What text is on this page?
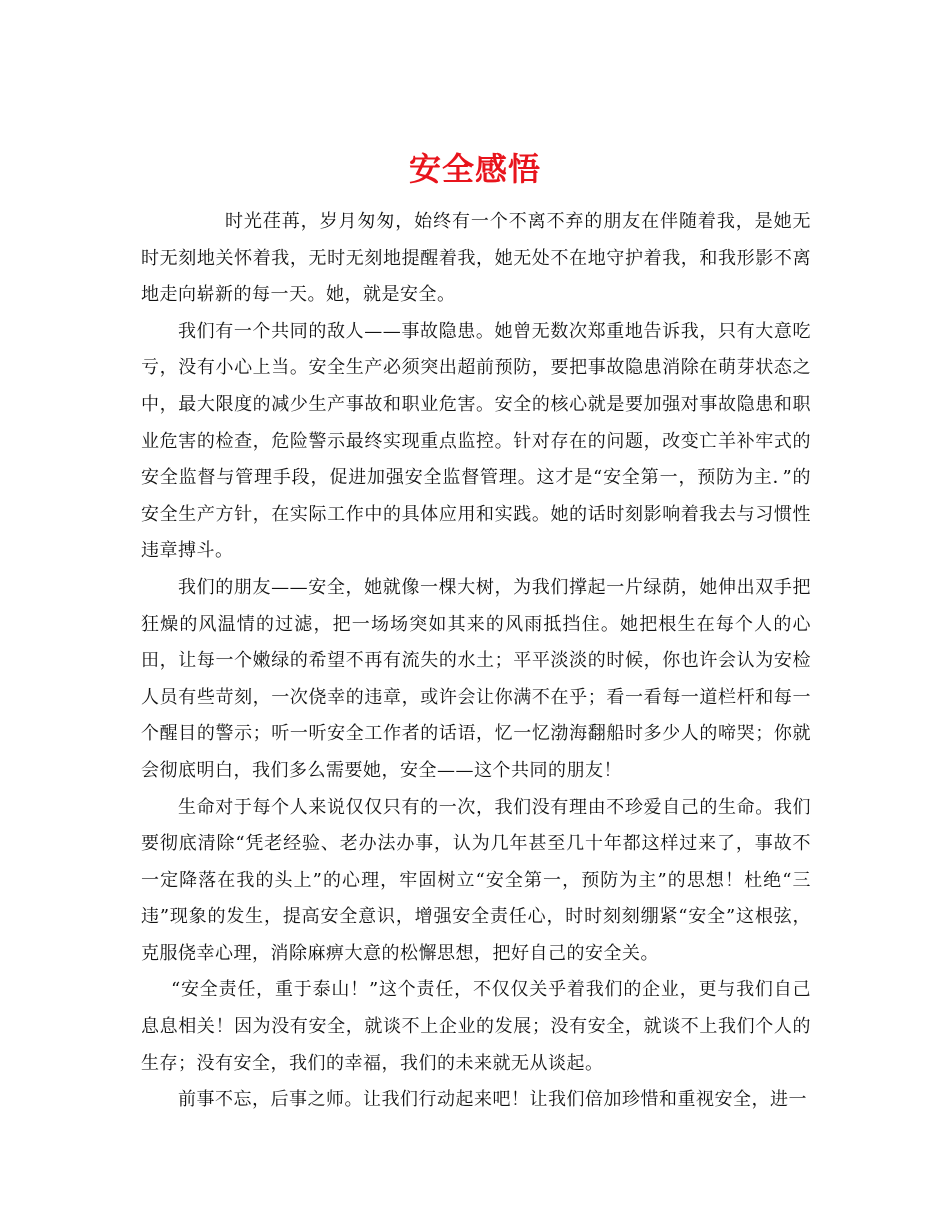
安全感悟

时光荏苒，岁月匆匆，始终有一个不离不弃的朋友在伴随着我，是她无时无刻地关怀着我，无时无刻地提醒着我，她无处不在地守护着我，和我形影不离地走向崭新的每一天。她，就是安全。

我们有一个共同的敌人——事故隐患。她曾无数次郑重地告诉我，只有大意吃亏，没有小心上当。安全生产必须突出超前预防，要把事故隐患消除在萌芽状态之中，最大限度的减少生产事故和职业危害。安全的核心就是要加强对事故隐患和职业危害的检查，危险警示最终实现重点监控。针对存在的问题，改变亡羊补牢式的安全监督与管理手段，促进加强安全监督管理。这才是“安全第一，预防为主．”的安全生产方针，在实际工作中的具体应用和实践。她的话时刻影响着我去与习惯性违章搏斗。

我们的朋友——安全，她就像一棵大树，为我们撑起一片绿荫，她伸出双手把狂燥的风温情的过滤，把一场场突如其来的风雨抵挡住。她把根生在每个人的心田，让每一个嫩绿的希望不再有流失的水土；平平淡淡的时候，你也许会认为安检人员有些苛刻，一次侥幸的违章，或许会让你满不在乎；看一看每一道栏杆和每一个醒目的警示；听一听安全工作者的话语，忆一忆渤海翻船时多少人的啼哭；你就会彻底明白，我们多么需要她，安全——这个共同的朋友！

生命对于每个人来说仅仅只有的一次，我们没有理由不珍爱自己的生命。我们要彻底清除“凭老经验、老办法办事，认为几年甚至几十年都这样过来了，事故不一定降落在我的头上”的心理，牢固树立“安全第一，预防为主”的思想！杜绝“三违”现象的发生，提高安全意识，增强安全责任心，时时刻刻绷紧“安全”这根弦，克服侥幸心理，消除麻痹大意的松懈思想，把好自己的安全关。

“安全责任，重于泰山！”这个责任，不仅仅关乎着我们的企业，更与我们自己息息相关！因为没有安全，就谈不上企业的发展；没有安全，就谈不上我们个人的生存；没有安全，我们的幸福，我们的未来就无从谈起。

前事不忘，后事之师。让我们行动起来吧！让我们倍加珍惜和重视安全，进一
